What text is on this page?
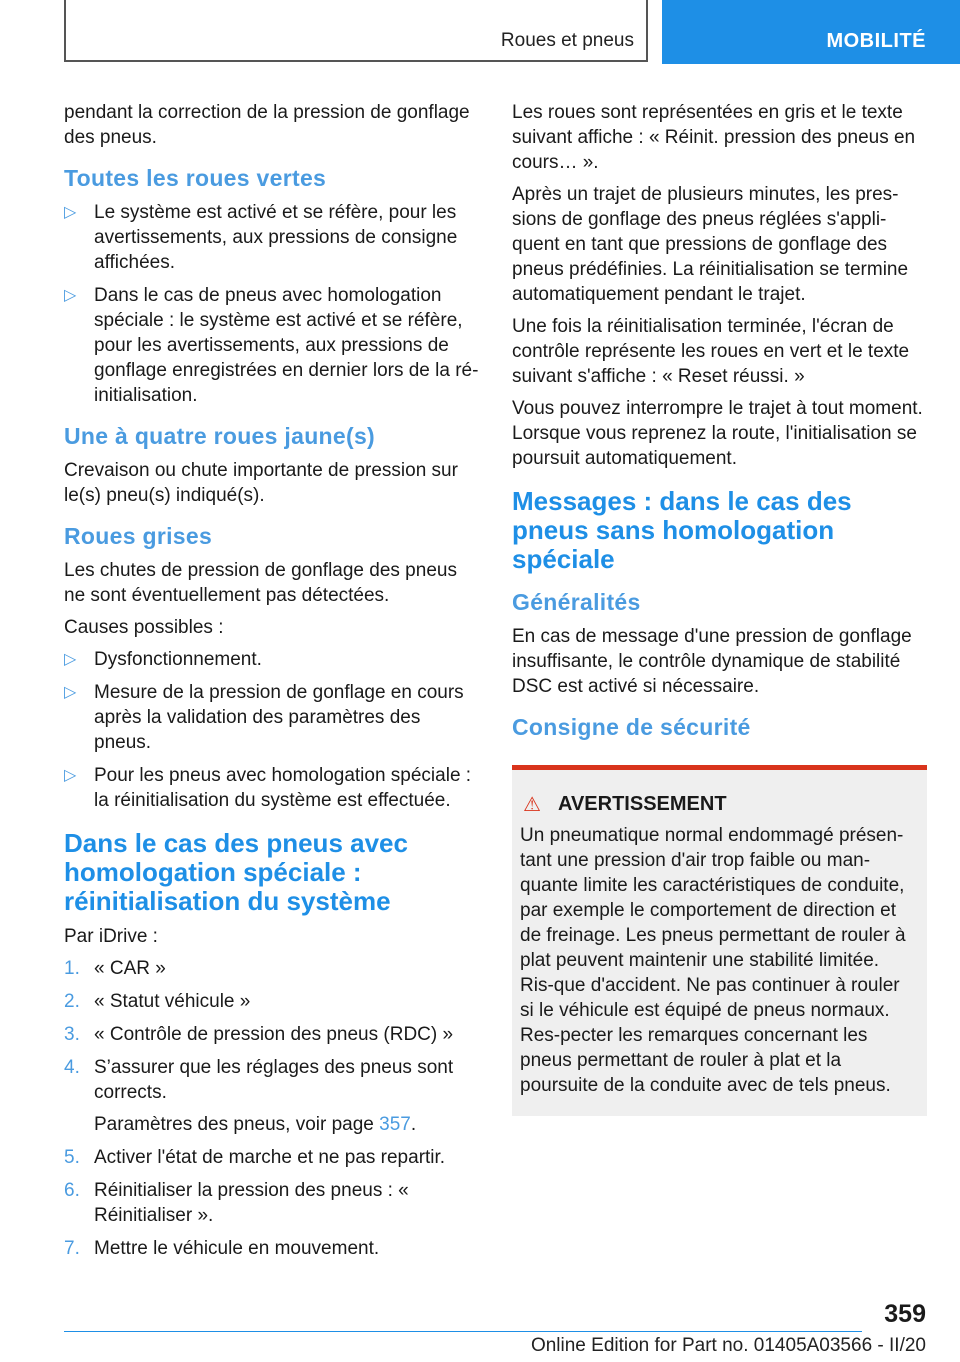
Roues et pneus	MOBILITÉ

pendant la correction de la pression de gonflage des pneus.

Toutes les roues vertes
▷ Le système est activé et se réfère, pour les avertissements, aux pressions de consigne affichées.
▷ Dans le cas de pneus avec homologation spéciale : le système est activé et se réfère, pour les avertissements, aux pressions de gonflage enregistrées en dernier lors de la ré-initialisation.
Une à quatre roues jaune(s)

Crevaison ou chute importante de pression sur le(s) pneu(s) indiqué(s).

Roues grises

Les chutes de pression de gonflage des pneus ne sont éventuellement pas détectées.

Causes possibles :

▷ Dysfonctionnement.
▷ Mesure de la pression de gonflage en cours après la validation des paramètres des pneus.
▷ Pour les pneus avec homologation spéciale : la réinitialisation du système est effectuée.
Dans le cas des pneus avec homologation spéciale : réinitialisation du système

Par iDrive :

1. « CAR »
2. « Statut véhicule »
3. « Contrôle de pression des pneus (RDC) »
4. S’assurer que les réglages des pneus sont corrects.
Paramètres des pneus, voir page 357.
5. Activer l'état de marche et ne pas repartir.
6. Réinitialiser la pression des pneus : « Réinitialiser ».
7. Mettre le véhicule en mouvement.

Les roues sont représentées en gris et le texte suivant affiche : « Réinit. pression des pneus en cours… ».

Après un trajet de plusieurs minutes, les pres-sions de gonflage des pneus réglées s'appli-quent en tant que pressions de gonflage des pneus prédéfinies. La réinitialisation se termine automatiquement pendant le trajet.

Une fois la réinitialisation terminée, l'écran de contrôle représente les roues en vert et le texte suivant s'affiche : « Reset réussi. »

Vous pouvez interrompre le trajet à tout moment. Lorsque vous reprenez la route, l'initialisation se poursuit automatiquement.

Messages : dans le cas des pneus sans homologation spéciale
Généralités

En cas de message d'une pression de gonflage insuffisante, le contrôle dynamique de stabilité DSC est activé si nécessaire.

Consigne de sécurité
⚠ AVERTISSEMENT

Un pneumatique normal endommagé présen-tant une pression d'air trop faible ou man-quante limite les caractéristiques de conduite, par exemple le comportement de direction et de freinage. Les pneus permettant de rouler à plat peuvent maintenir une stabilité limitée. Ris-que d'accident. Ne pas continuer à rouler si le véhicule est équipé de pneus normaux. Res-pecter les remarques concernant les pneus permettant de rouler à plat et la poursuite de la conduite avec de tels pneus.

359
Online Edition for Part no. 01405A03566 - II/20
